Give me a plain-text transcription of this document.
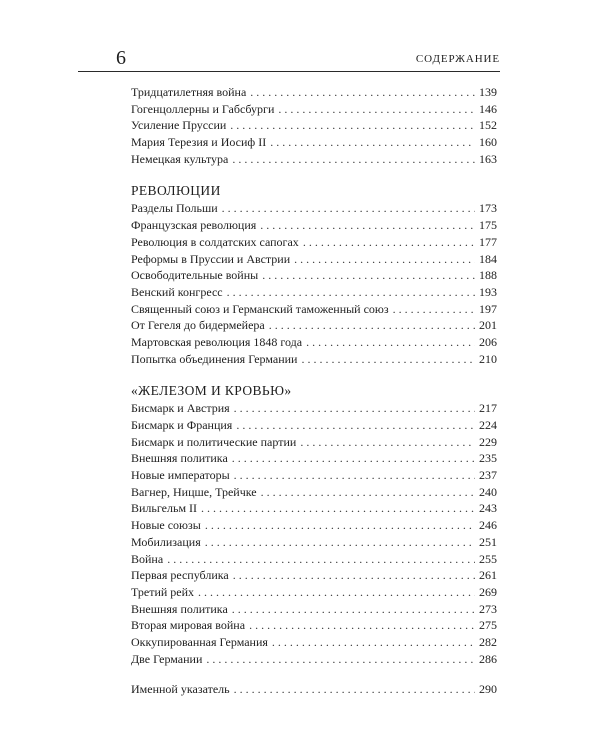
6	СОДЕРЖАНИЕ
Тридцатилетняя война . . .	139
Гогенцоллерны и Габсбурги . . .	146
Усиление Пруссии . . .	152
Мария Терезия и Иосиф II . . .	160
Немецкая культура . . .	163
РЕВОЛЮЦИИ
Разделы Польши . . .	173
Французская революция . . .	175
Революция в солдатских сапогах . . .	177
Реформы в Пруссии и Австрии . . .	184
Освободительные войны . . .	188
Венский конгресс . . .	193
Священный союз и Германский таможенный союз . . .	197
От Гегеля до бидермейера . . .	201
Мартовская революция 1848 года . . .	206
Попытка объединения Германии . . .	210
«ЖЕЛЕЗОМ И КРОВЬЮ»
Бисмарк и Австрия . . .	217
Бисмарк и Франция . . .	224
Бисмарк и политические партии . . .	229
Внешняя политика . . .	235
Новые императоры . . .	237
Вагнер, Ницше, Трейчке . . .	240
Вильгельм II . . .	243
Новые союзы . . .	246
Мобилизация . . .	251
Война . . .	255
Первая республика . . .	261
Третий рейх . . .	269
Внешняя политика . . .	273
Вторая мировая война . . .	275
Оккупированная Германия . . .	282
Две Германии . . .	286
Именной указатель . . .	290
